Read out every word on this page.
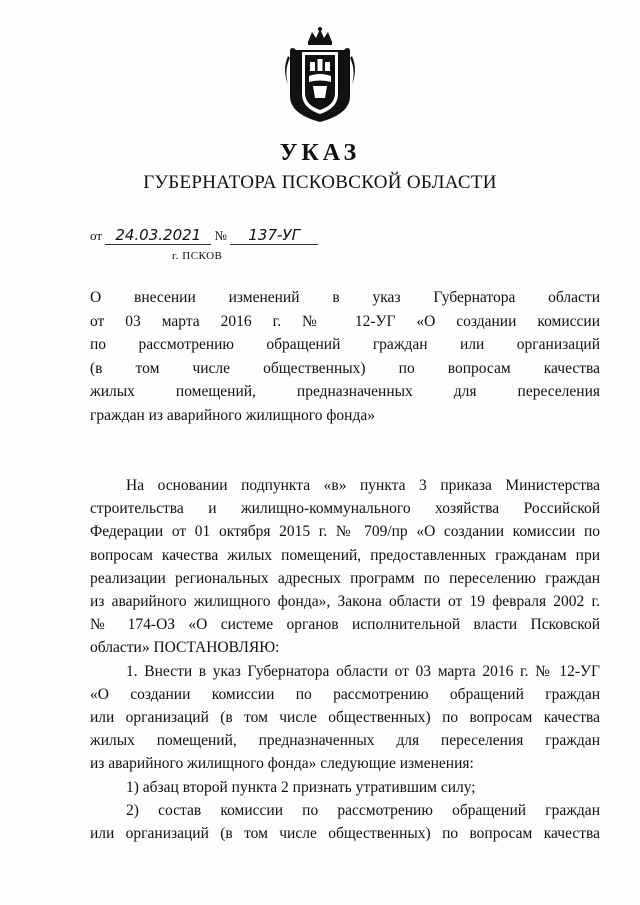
УКАЗ
ГУБЕРНАТОРА ПСКОВСКОЙ ОБЛАСТИ
от 24.03.2021 № 137-УГ
г. ПСКОВ
О внесении изменений в указ Губернатора области
от 03 марта 2016 г. № 12-УГ «О создании комиссии
по рассмотрению обращений граждан или организаций
(в том числе общественных) по вопросам качества
жилых помещений, предназначенных для переселения
граждан из аварийного жилищного фонда»
На основании подпункта «в» пункта 3 приказа Министерства
строительства и жилищно-коммунального хозяйства Российской
Федерации от 01 октября 2015 г. № 709/пр «О создании комиссии по
вопросам качества жилых помещений, предоставленных гражданам при
реализации региональных адресных программ по переселению граждан
из аварийного жилищного фонда», Закона области от 19 февраля 2002 г.
№ 174-ОЗ «О системе органов исполнительной власти Псковской
области» ПОСТАНОВЛЯЮ:
1. Внести в указ Губернатора области от 03 марта 2016 г. № 12-УГ
«О создании комиссии по рассмотрению обращений граждан
или организаций (в том числе общественных) по вопросам качества
жилых помещений, предназначенных для переселения граждан
из аварийного жилищного фонда» следующие изменения:
1) абзац второй пункта 2 признать утратившим силу;
2) состав комиссии по рассмотрению обращений граждан
или организаций (в том числе общественных) по вопросам качества
